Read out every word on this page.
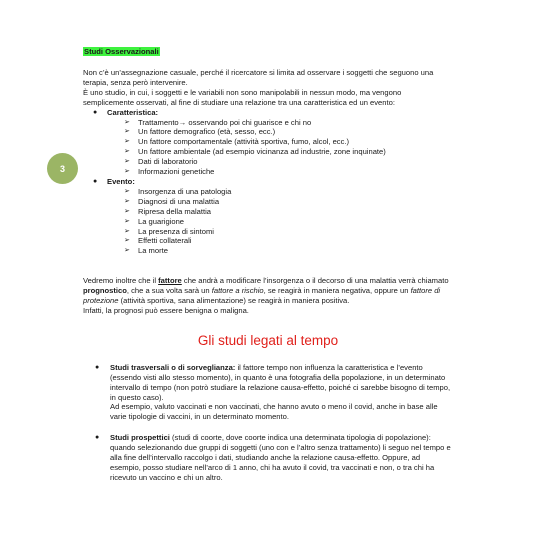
3
Studi Osservazionali

Non c’è un’assegnazione casuale, perché il ricercatore si limita ad osservare i soggetti che seguono una terapia, senza però intervenire.

È uno studio, in cui, i soggetti e le variabili non sono manipolabili in nessun modo, ma vengono semplicemente osservati, al fine di studiare una relazione tra una caratteristica ed un evento:

● Caratteristica:
➢ Trattamento→ osservando poi chi guarisce e chi no
➢ Un fattore demografico (età, sesso, ecc.)
➢ Un fattore comportamentale (attività sportiva, fumo, alcol, ecc.)
➢ Un fattore ambientale (ad esempio vicinanza ad industrie, zone inquinate)
➢ Dati di laboratorio
➢ Informazioni genetiche
● Evento:
➢ Insorgenza di una patologia
➢ Diagnosi di una malattia
➢ Ripresa della malattia
➢ La guarigione
➢ La presenza di sintomi
➢ Effetti collaterali
➢ La morte

Vedremo inoltre che il fattore che andrà a modificare l’insorgenza o il decorso di una malattia verrà chiamato prognostico, che a sua volta sarà un fattore a rischio, se reagirà in maniera negativa, oppure un fattore di protezione (attività sportiva, sana alimentazione) se reagirà in maniera positiva.

Infatti, la prognosi può essere benigna o maligna.

Gli studi legati al tempo
● Studi trasversali o di sorveglianza: il fattore tempo non influenza la caratteristica e l’evento (essendo visti allo stesso momento), in quanto è una fotografia della popolazione, in un determinato intervallo di tempo (non potrò studiare la relazione causa-effetto, poiché ci sarebbe bisogno di tempo, in questo caso).

Ad esempio, valuto vaccinati e non vaccinati, che hanno avuto o meno il covid, anche in base alle varie tipologie di vaccini, in un determinato momento.

● Studi prospettici (studi di coorte, dove coorte indica una determinata tipologia di popolazione): quando selezionando due gruppi di soggetti (uno con e l’altro senza trattamento) li seguo nel tempo e alla fine dell’intervallo raccolgo i dati, studiando anche la relazione causa-effetto. Oppure, ad esempio, posso studiare nell’arco di 1 anno, chi ha avuto il covid, tra vaccinati e non, o tra chi ha ricevuto un vaccino e chi un altro.
